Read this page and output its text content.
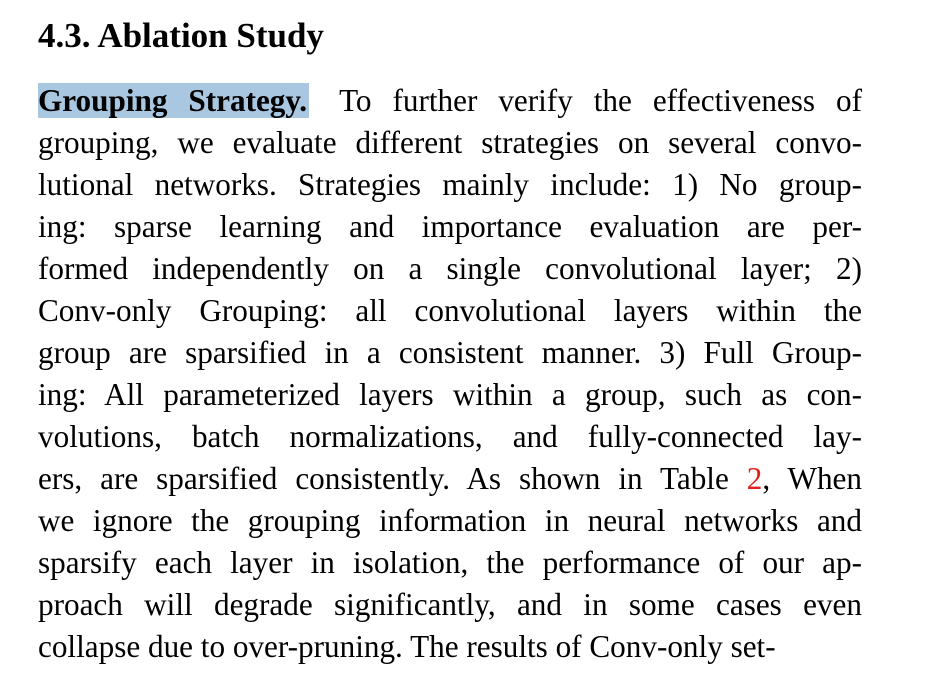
4.3. Ablation Study
Grouping Strategy. To further verify the effectiveness of
grouping, we evaluate different strategies on several convo-
lutional networks. Strategies mainly include: 1) No group-
ing: sparse learning and importance evaluation are per-
formed independently on a single convolutional layer; 2)
Conv-only Grouping: all convolutional layers within the
group are sparsified in a consistent manner. 3) Full Group-
ing: All parameterized layers within a group, such as con-
volutions, batch normalizations, and fully-connected lay-
ers, are sparsified consistently. As shown in Table 2, When
we ignore the grouping information in neural networks and
sparsify each layer in isolation, the performance of our ap-
proach will degrade significantly, and in some cases even
collapse due to over-pruning. The results of Conv-only set-
